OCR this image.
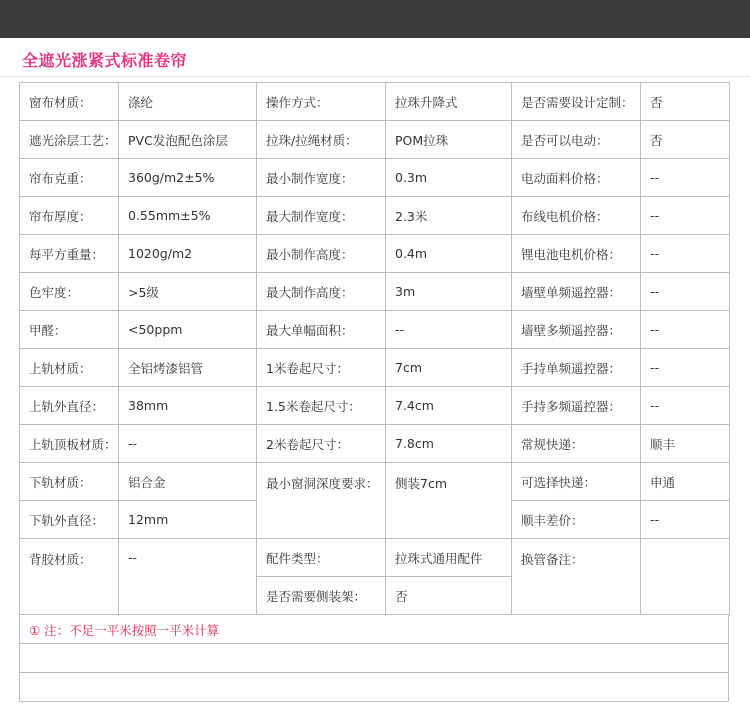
全遮光涨紧式标准卷帘
窗布材质：	涤纶	操作方式：	拉珠升降式	是否需要设计定制：	否
遮光涂层工艺：	PVC发泡配色涂层	拉珠/拉绳材质：	POM拉珠	是否可以电动：	否
帘布克重：	360g/m2±5%	最小制作宽度：	0.3m	电动面料价格：	--
帘布厚度：	0.55mm±5%	最大制作宽度：	2.3米	布线电机价格：	--
每平方重量：	1020g/m2	最小制作高度：	0.4m	锂电池电机价格：	--
色牢度：	>5级	最大制作高度：	3m	墙壁单频遥控器：	--
甲醛：	<50ppm	最大单幅面积：	--	墙壁多频遥控器：	--
上轨材质：	全铝烤漆铝管	1米卷起尺寸：	7cm	手持单频遥控器：	--
上轨外直径：	38mm	1.5米卷起尺寸：	7.4cm	手持多频遥控器：	--
上轨顶板材质：	--	2米卷起尺寸：	7.8cm	常规快递：	顺丰
下轨材质：	铝合金	最小窗洞深度要求：	侧装7cm	可选择快递：	申通
下轨外直径：	12mm			顺丰差价：	--
背胶材质：	--	配件类型：	拉珠式通用配件	换管备注：	
		是否需要侧装架：	否		
① 注：不足一平米按照一平米计算
